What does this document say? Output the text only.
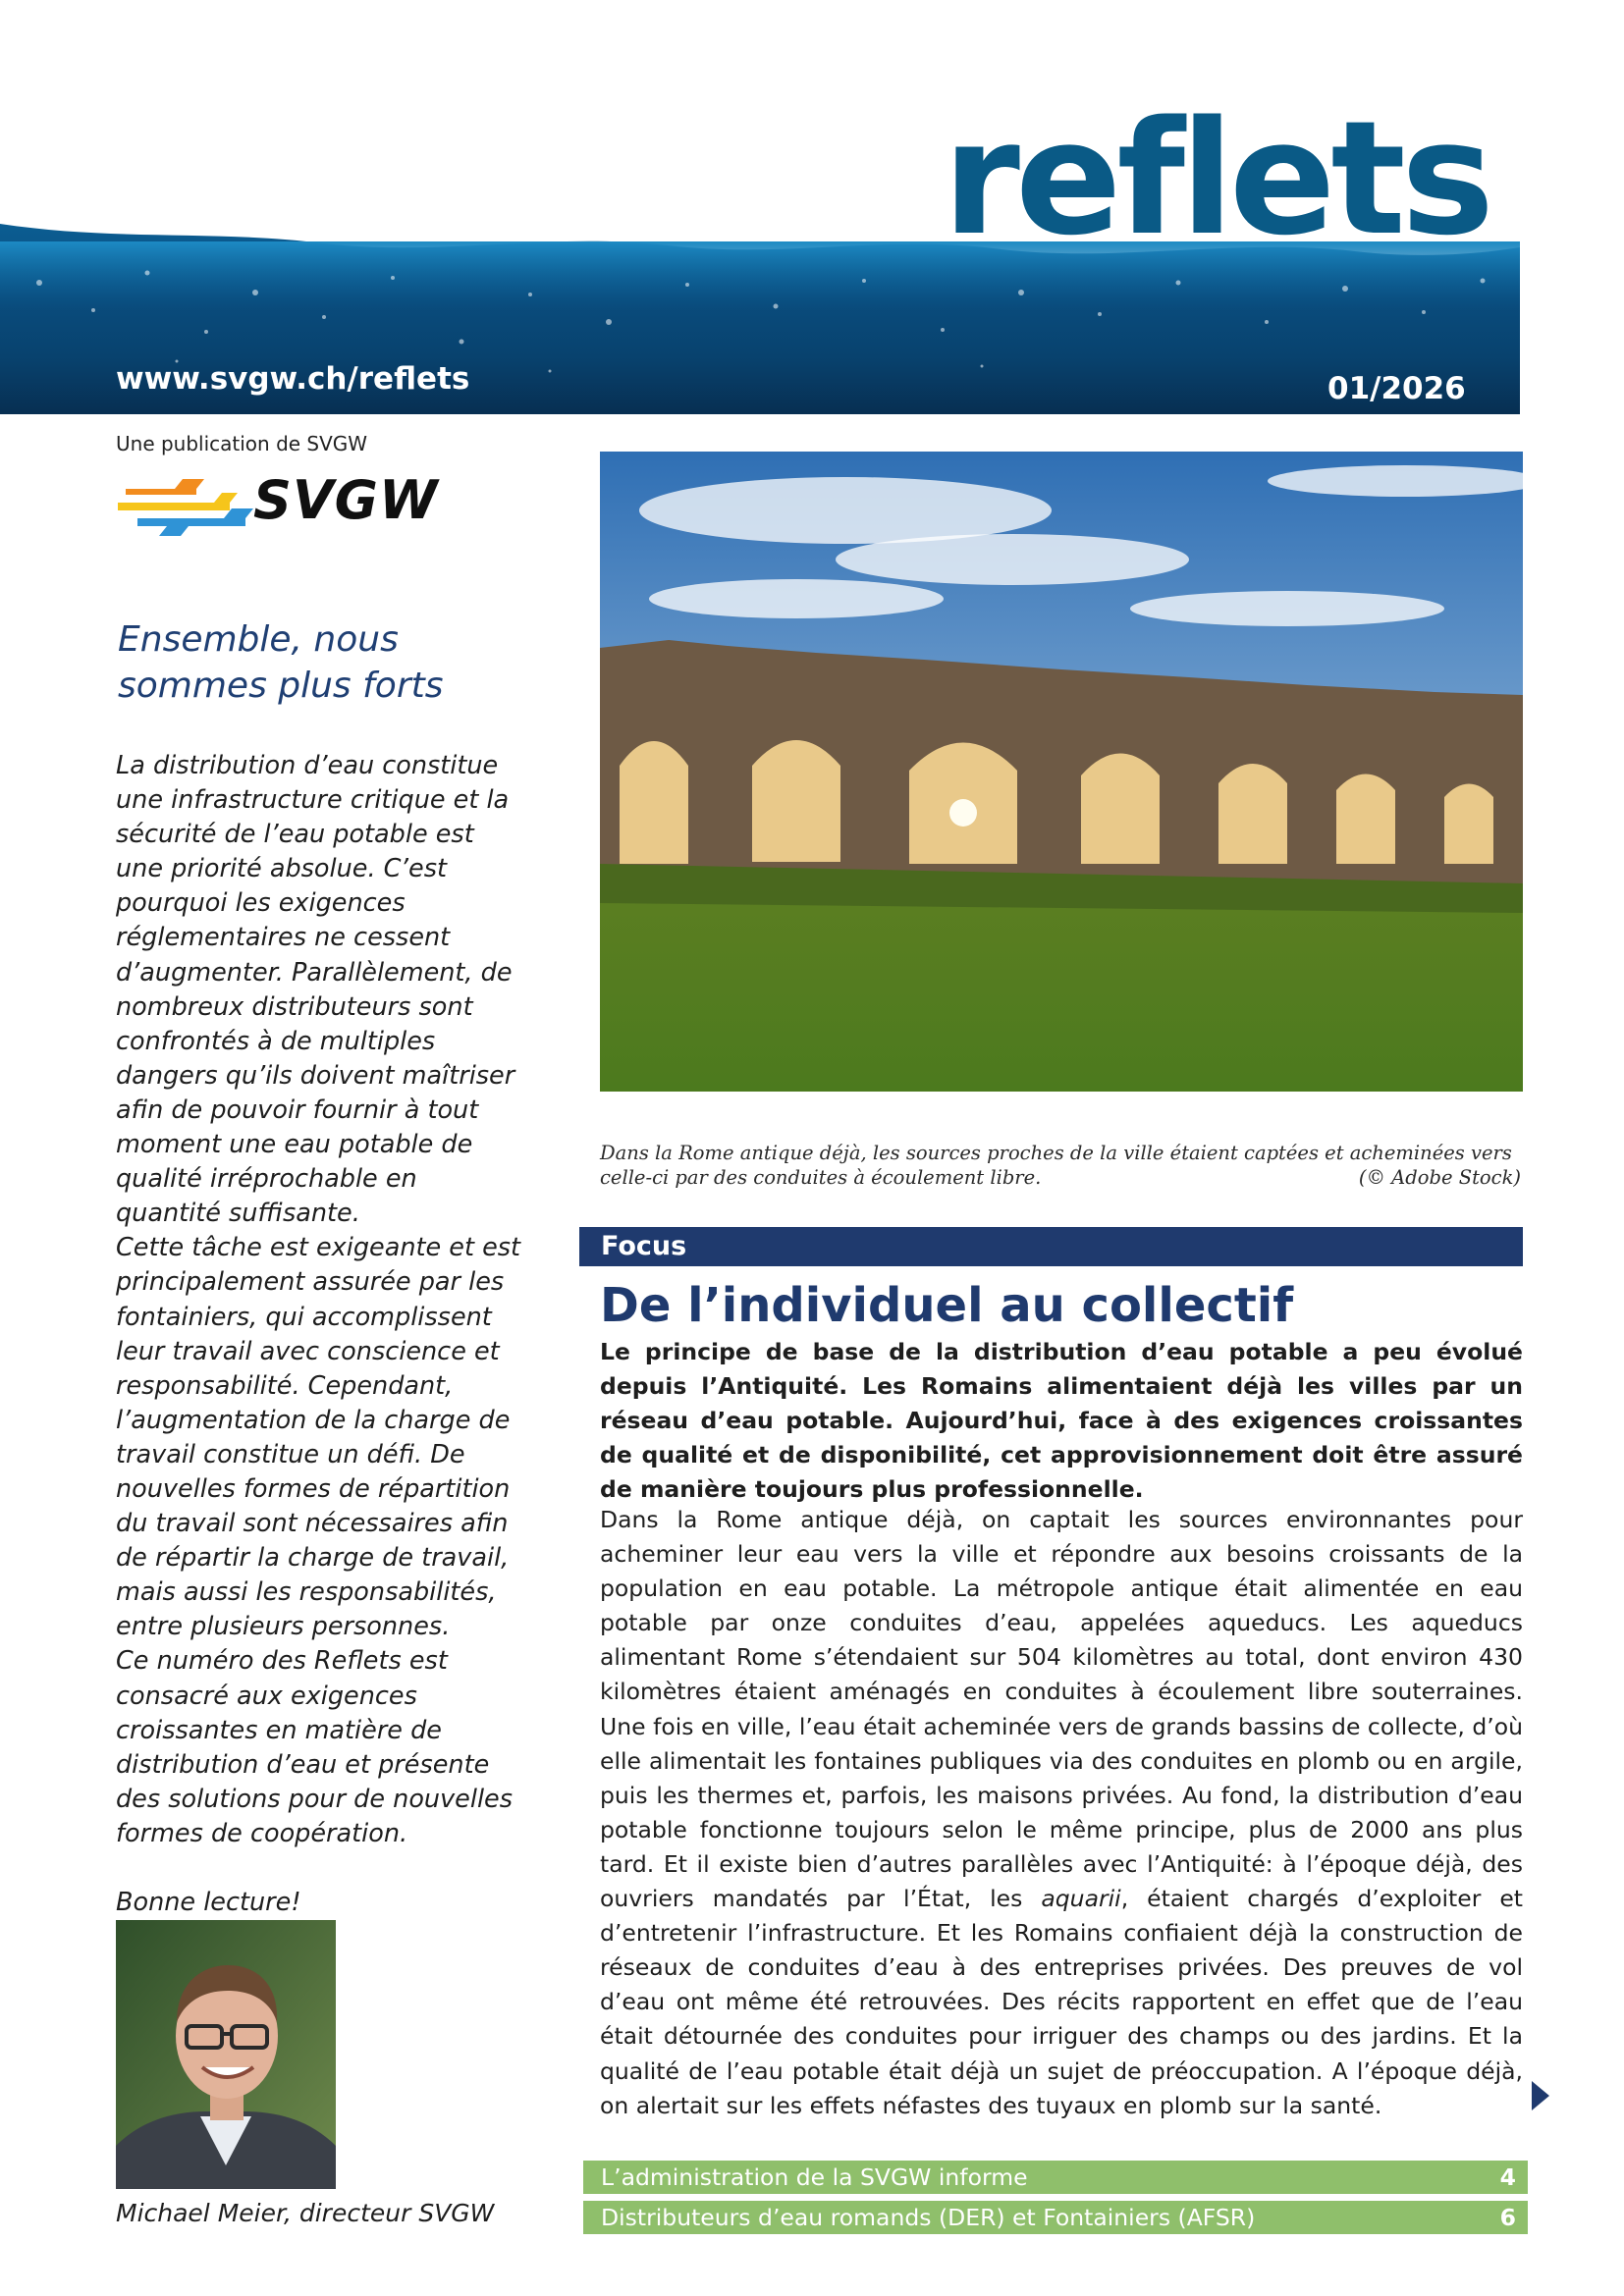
reflets
www.svgw.ch/reflets	01/2026
Une publication de SVGW
SVGW
Ensemble, nous sommes plus forts

La distribution d’eau constitue une infrastructure critique et la sécurité de l’eau potable est une priorité absolue. C’est pourquoi les exigences réglementaires ne cessent d’augmenter. Parallèlement, de nombreux distributeurs sont confrontés à de multiples dangers qu’ils doivent maîtriser afin de pouvoir fournir à tout moment une eau potable de qualité irréprochable en quantité suffisante.

Cette tâche est exigeante et est principalement assurée par les fontainiers, qui accomplissent leur travail avec conscience et responsabilité. Cependant, l’augmentation de la charge de travail constitue un défi. De nouvelles formes de répartition du travail sont nécessaires afin de répartir la charge de travail, mais aussi les responsabilités, entre plusieurs personnes.

Ce numéro des Reflets est consacré aux exigences croissantes en matière de distribution d’eau et présente des solutions pour de nouvelles formes de coopération.

Bonne lecture!

Michael Meier, directeur SVGW
Dans la Rome antique déjà, les sources proches de la ville étaient captées et acheminées vers celle-ci par des conduites à écoulement libre.	(© Adobe Stock)
Focus
De l’individuel au collectif
Le principe de base de la distribution d’eau potable a peu évolué depuis l’Antiquité. Les Romains alimentaient déjà les villes par un réseau d’eau potable. Aujourd’hui, face à des exigences croissantes de qualité et de disponibilité, cet approvisionnement doit être assuré de manière toujours plus professionnelle.

Dans la Rome antique déjà, on captait les sources environnantes pour acheminer leur eau vers la ville et répondre aux besoins croissants de la population en eau potable. La métropole antique était alimentée en eau potable par onze conduites d’eau, appelées aqueducs. Les aqueducs alimentant Rome s’étendaient sur 504 kilomètres au total, dont environ 430 kilomètres étaient aménagés en conduites à écoulement libre souterraines. Une fois en ville, l’eau était acheminée vers de grands bassins de collecte, d’où elle alimentait les fontaines publiques via des conduites en plomb ou en argile, puis les thermes et, parfois, les maisons privées. Au fond, la distribution d’eau potable fonctionne toujours selon le même principe, plus de 2000 ans plus tard. Et il existe bien d’autres parallèles avec l’Antiquité: à l’époque déjà, des ouvriers mandatés par l’État, les aquarii, étaient chargés d’exploiter et d’entretenir l’infrastructure. Et les Romains confiaient déjà la construction de réseaux de conduites d’eau à des entreprises privées. Des preuves de vol d’eau ont même été retrouvées. Des récits rapportent en effet que de l’eau était détournée des conduites pour irriguer des champs ou des jardins. Et la qualité de l’eau potable était déjà un sujet de préoccupation. A l’époque déjà, on alertait sur les effets néfastes des tuyaux en plomb sur la santé.

L’administration de la SVGW informe	4
Distributeurs d’eau romands (DER) et Fontainiers (AFSR)	6
